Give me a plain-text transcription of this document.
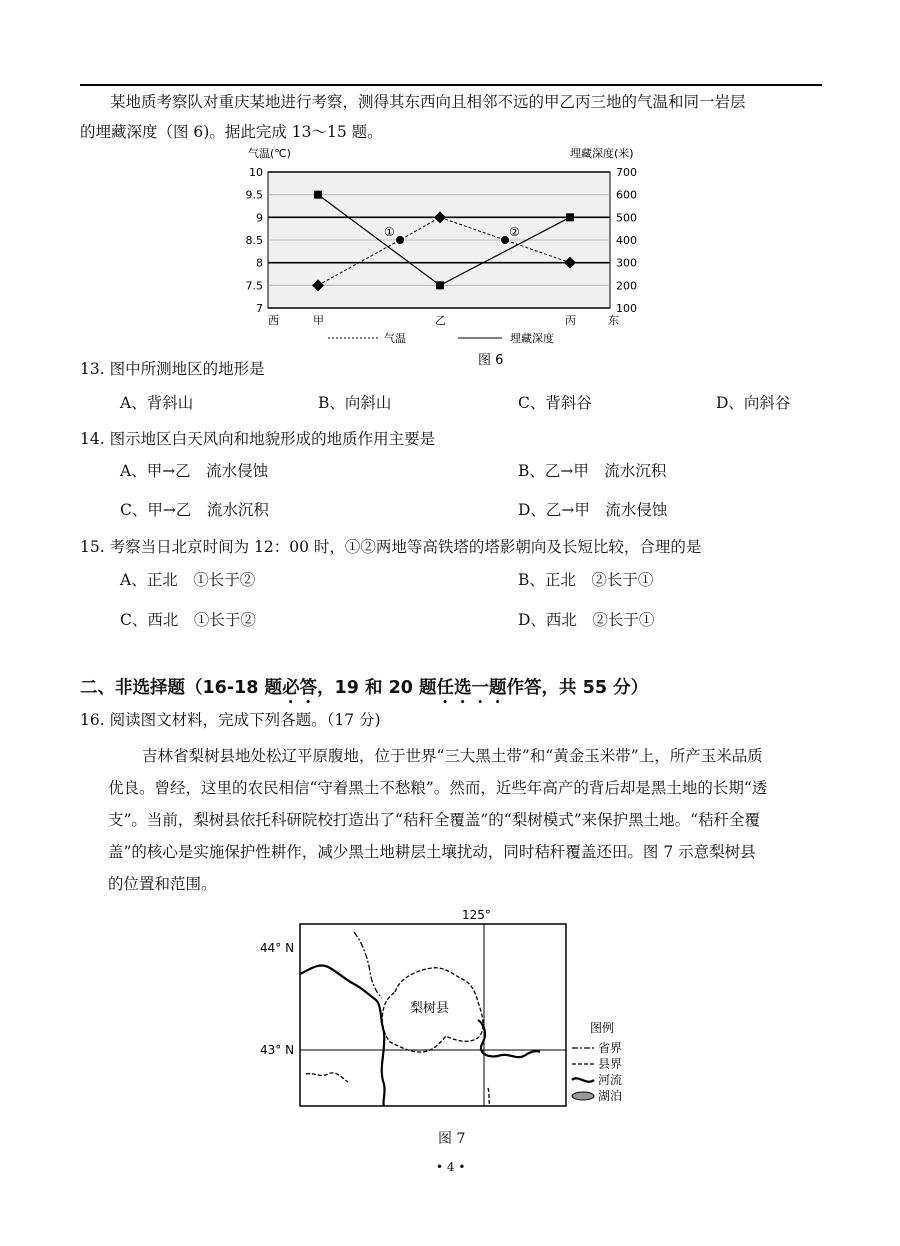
某地质考察队对重庆某地进行考察，测得其东西向且相邻不远的甲乙丙三地的气温和同一岩层
的埋藏深度（图 6)。据此完成 13～15 题。
气温(℃)	埋藏深度(米)
10
9.5
9
8.5
8
7.5
7
700
600
500
400
300
200
100
①	②
西	甲	乙	丙	东
气温	埋藏深度
图 6
13. 图中所测地区的地形是
A、背斜山	B、向斜山	C、背斜谷	D、向斜谷
14. 图示地区白天风向和地貌形成的地质作用主要是
A、甲→乙　流水侵蚀	B、乙→甲　流水沉积
C、甲→乙　流水沉积	D、乙→甲　流水侵蚀
15. 考察当日北京时间为 12：00 时，①②两地等高铁塔的塔影朝向及长短比较，合理的是
A、正北　①长于②	B、正北　②长于①
C、西北　①长于②	D、西北　②长于①
二、非选择题（16-18 题必答，19 和 20 题任选一题作答，共 55 分）
16. 阅读图文材料，完成下列各题。（17 分)
吉林省梨树县地处松辽平原腹地，位于世界“三大黑土带”和“黄金玉米带”上，所产玉米品质
优良。曾经，这里的农民相信“守着黑土不愁粮”。然而，近些年高产的背后却是黑土地的长期“透
支”。当前，梨树县依托科研院校打造出了“秸秆全覆盖”的“梨树模式”来保护黑土地。“秸秆全覆
盖”的核心是实施保护性耕作，减少黑土地耕层土壤扰动，同时秸秆覆盖还田。图 7 示意梨树县
的位置和范围。
125°
44° N
43° N
梨树县
图例
省界
县界
河流
湖泊
图 7
• 4 •
